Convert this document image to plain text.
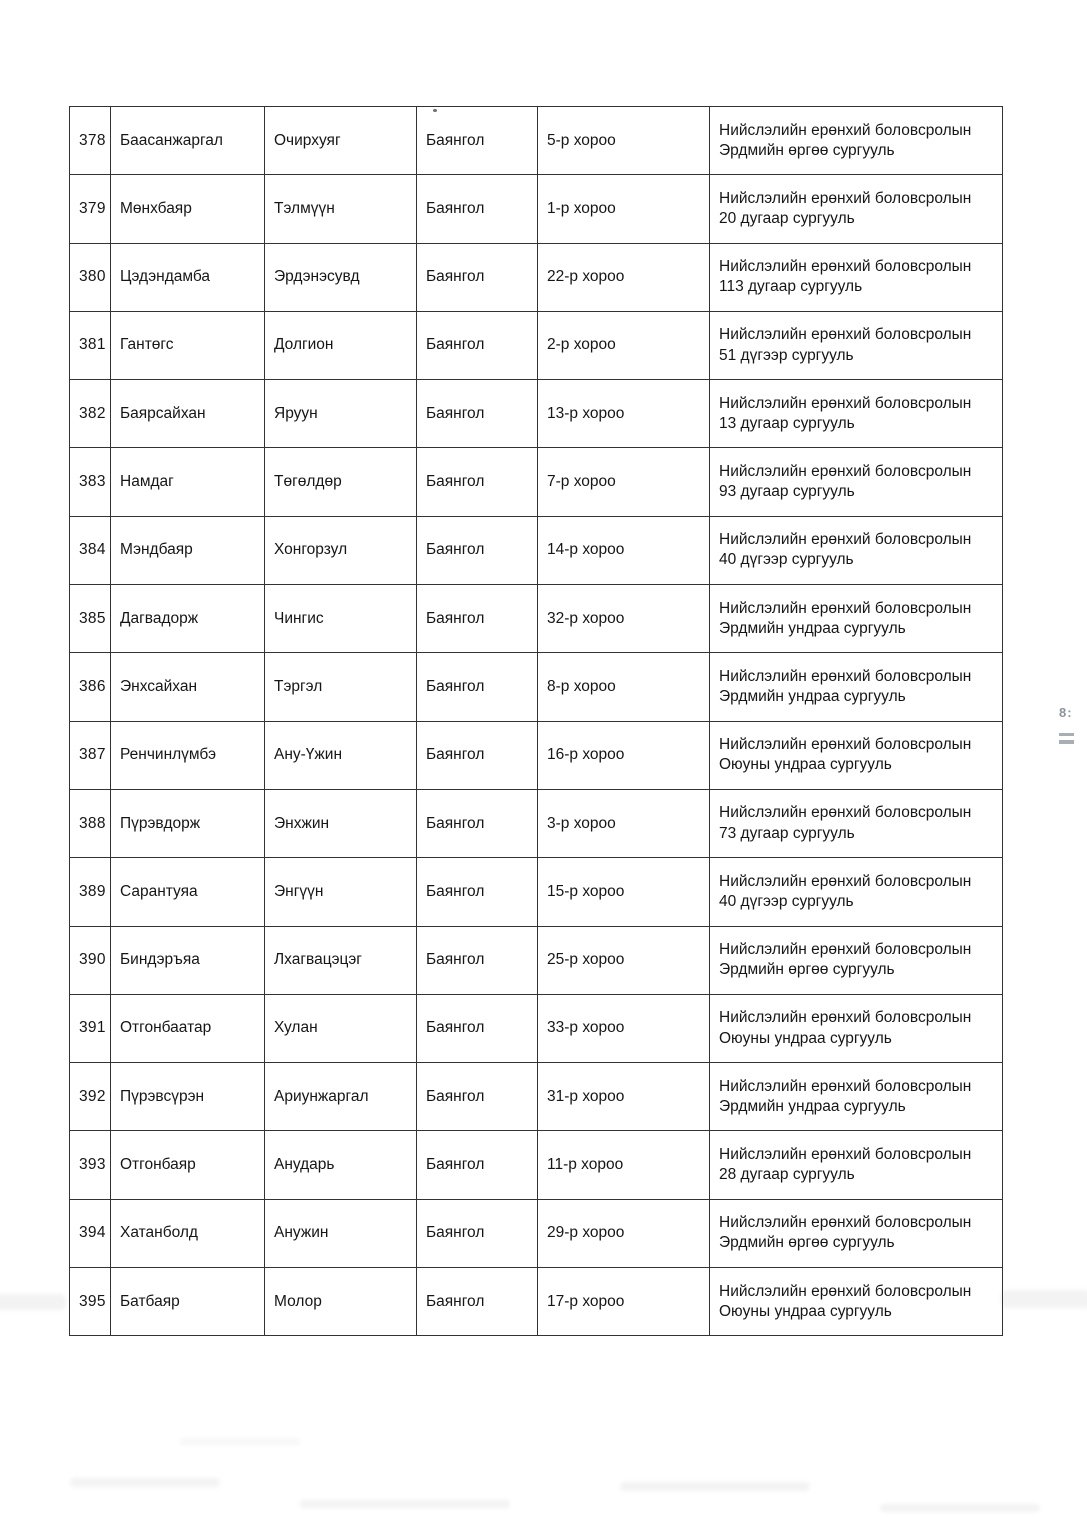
378	Баасанжаргал	Очирхуяг	Баянгол	5-р хороо	Нийслэлийн ерөнхий боловсролын
Эрдмийн өргөө сургууль

379	Мөнхбаяр	Тэлмүүн	Баянгол	1-р хороо	Нийслэлийн ерөнхий боловсролын
20 дугаар сургууль

380	Цэдэндамба	Эрдэнэсувд	Баянгол	22-р хороо	Нийслэлийн ерөнхий боловсролын
113 дугаар сургууль

381	Гантөгс	Долгион	Баянгол	2-р хороо	Нийслэлийн ерөнхий боловсролын
51 дүгээр сургууль

382	Баярсайхан	Яруун	Баянгол	13-р хороо	Нийслэлийн ерөнхий боловсролын
13 дугаар сургууль

383	Намдаг	Төгөлдөр	Баянгол	7-р хороо	Нийслэлийн ерөнхий боловсролын
93 дугаар сургууль

384	Мэндбаяр	Хонгорзул	Баянгол	14-р хороо	Нийслэлийн ерөнхий боловсролын
40 дүгээр сургууль

385	Дагвадорж	Чингис	Баянгол	32-р хороо	Нийслэлийн ерөнхий боловсролын
Эрдмийн ундраа сургууль

386	Энхсайхан	Тэргэл	Баянгол	8-р хороо	Нийслэлийн ерөнхий боловсролын
Эрдмийн ундраа сургууль

387	Ренчинлүмбэ	Ану-Үжин	Баянгол	16-р хороо	Нийслэлийн ерөнхий боловсролын
Оюуны ундраа сургууль

388	Пүрэвдорж	Энхжин	Баянгол	3-р хороо	Нийслэлийн ерөнхий боловсролын
73 дугаар сургууль

389	Сарантуяа	Энгүүн	Баянгол	15-р хороо	Нийслэлийн ерөнхий боловсролын
40 дүгээр сургууль

390	Биндэръяа	Лхагвацэцэг	Баянгол	25-р хороо	Нийслэлийн ерөнхий боловсролын
Эрдмийн өргөө сургууль

391	Отгонбаатар	Хулан	Баянгол	33-р хороо	Нийслэлийн ерөнхий боловсролын
Оюуны ундраа сургууль

392	Пүрэвсүрэн	Ариунжаргал	Баянгол	31-р хороо	Нийслэлийн ерөнхий боловсролын
Эрдмийн ундраа сургууль

393	Отгонбаяр	Анударь	Баянгол	11-р хороо	Нийслэлийн ерөнхий боловсролын
28 дугаар сургууль

394	Хатанболд	Анужин	Баянгол	29-р хороо	Нийслэлийн ерөнхий боловсролын
Эрдмийн өргөө сургууль

395	Батбаяр	Молор	Баянгол	17-р хороо	Нийслэлийн ерөнхий боловсролын
Оюуны ундраа сургууль
8:
